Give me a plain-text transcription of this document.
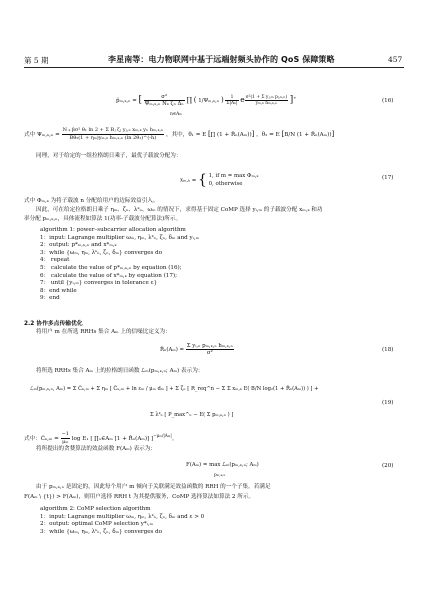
第 5 期	李星南等：电力物联网中基于远端射频头协作的 QoS 保障策略	457
p̂ₘ,ₖ,ₙ = [ $\frac{\text{σ²}}{\text{Ψₘ,ₖ,ₙ Nₖ ζₙ Δₙ}}$ ∏ ( 1/Ψₘ,ₖ,ₙ ) $\frac{1}{\text{Σ|Aₙ|}}$ e $\frac{\text{σ²(1 + Σ yⱼ,ₘ pⱼ,ₖ,ₙ)}}{\text{yₘ,ₖ hₘ,ₖ,ₙ}} ]^+$
n∈Aₘ
(16)
式中 $\Psi_m,_k,_n = \frac{\text{N ₖ βσ² θ₁ ln 2 + Σ Bⱼ ζⱼ yⱼ,ₙ xₘ,ₖ yₙ hₘ,ₖ,ₙ}}{\text{Bθ₂(1 + ηₘ)yₘ,ₖ hₘ,ₖ,ₙ (ln 2θ₁)\textasciicircum{}(-h)}}$ ，其中，θ₁ = E [∏ (1 + R̂ₙ(Aₘ))] ，θ₂ = E [B/N (1 + R̂ₙ(Aₘ))]
同理，对于给定的一组拉格朗日乘子，最优子载波分配为：
xₘ,ₖ = { 1, if m = max Φₘ,ₖ
0, otherwise
(17)
式中 Φₘ,ₖ 为将子载波 n 分配给用户的边际效益引入。
因此，可在给定拉格朗日乘子 ηₘ、ζₙ、λᵏₙ、ωₘ 的情况下，求得基于固定 CoMP 选择 yᵢ,ₘ 的子载波分配 xₘ,ₖ 和功
率分配 pₘ,ₖ,ₙ，具体流程如算法 1(功率-子载波分配算法)所示。
algorithm 1: power–subcarrier allocation algorithm
1：input: Lagrange multiplier ωₘ, ηₘ, λᵏₙ, ζₙ, δₘ and yᵢ,ₘ
2：output: p*ₘ,ₖ,ₙ and x*ₘ,ₖ
3：while {ωₘ, ηₘ, λᵏₙ, ζₙ, δₘ} converges do
4： repeat
5： calculate the value of p*ₘ,ₖ,ₙ by equation (16);
6： calculate the value of x*ₘ,ₖ by equation (17);
7： until {yᵢ,ₘ} converges in tolerance ε}
8：end while
9：end
2.2 协作多点传输优化
将用户 m 在所选 RRHs 集合 Aₘ 上的信噪比定义为：
R̂ₙ(Aₘ) = $\frac{\text{Σ yᵢ,ₙ pₘ,ₖ,ₙ hₘ,ₖ,ₙ}}{\text{σ²}}$	(18)
将所选 RRHs 集合 Aₘ 上的拉格朗日函数 ℒₘ(pₘ,ₖ,ₙ; Aₘ) 表示为：
ℒₘ(pₘ,ₖ,ₙ, Aₘ) = Σ C̃ₖ,ₘ + Σ ηₘ [ C̃ₖ,ₘ + ln εₘ / μₘ dₘ ] + Σ ζₙ [ R_req^n − Σ Σ xₘ,ₖ E( B/N log₂(1 + R̂ₙ(Aₘ)) ) ] +
Σ λᵏₙ [ P_max^ₙ − E( Σ pₘ,ₖ,ₙ ) ]
(19)
式中：C̃ₖ,ₘ = $\frac{-1}{\text{μₘ}}$ log E₁ [ ∏ₙ∈Aₘ [1 + R̂ₙ(Aₘ)] ]$^{-\mu_m/|A_m|}$。
将所提出的贪婪算法的效益函数 F(Aₘ) 表示为：
F(Aₘ) = max ℒₘ(pₘ,ₖ,ₙ; Aₘ)
pₘ,ₖ,ₙ
(20)
由于 pₘ,ₖ,ₙ 是固定的，因此每个用户 m 倾向于关联满足效益函数的 RRH 的一个子集。若满足
F(Aₘ \ {t}) > F(Aₘ)，则用户选择 RRH t 为其提供服务，CoMP 选择算法如算法 2 所示。
algorithm 2: CoMP selection algorithm
1：input: Lagrange multiplier ωₘ, ηₘ, λᵏₙ, ζₙ, δₘ and ε > 0
2：output: optimal CoMP selection y*ᵢ,ₘ
3：while {ωₘ, ηₘ, λᵏₙ, ζₙ, δₘ} converges do
